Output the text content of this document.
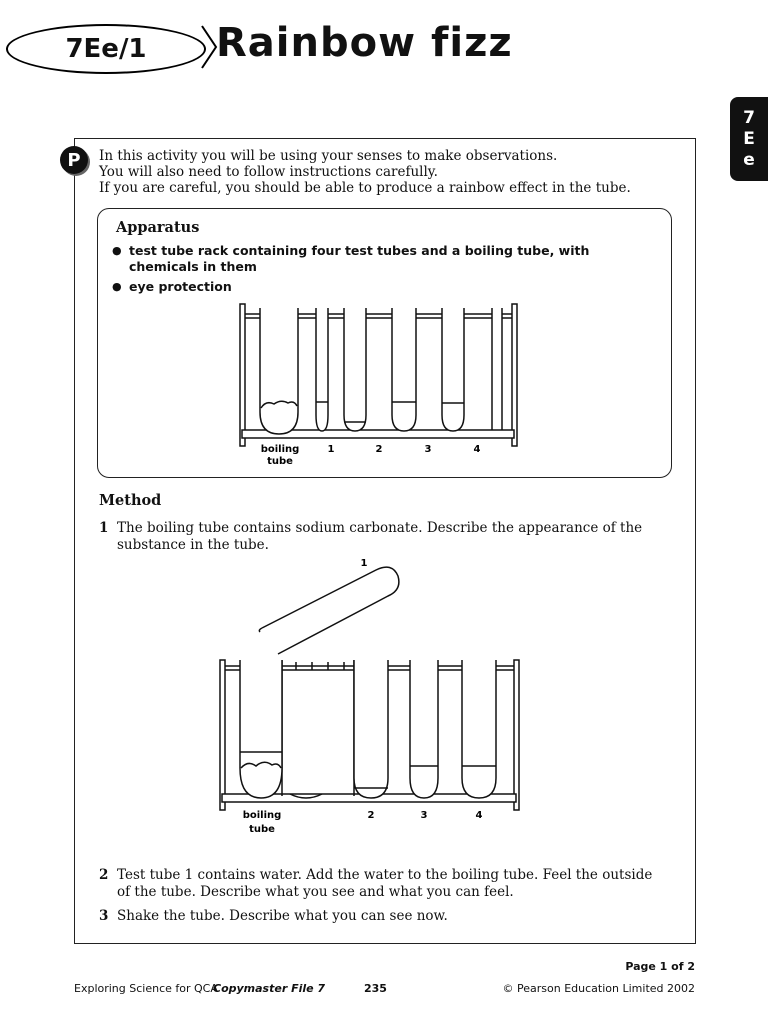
7Ee/1	Rainbow fizz
7
E
e
P	In this activity you will be using your senses to make observations.
You will also need to follow instructions carefully.
If you are careful, you should be able to produce a rainbow effect in the tube.
Apparatus
● test tube rack containing four test tubes and a boiling tube, with chemicals in them
● eye protection
boiling
tube
1	2	3	4
Method
1 The boiling tube contains sodium carbonate. Describe the appearance of the
substance in the tube.
1
boiling
tube
2	3	4
2 Test tube 1 contains water. Add the water to the boiling tube. Feel the outside
of the tube. Describe what you see and what you can feel.
3 Shake the tube. Describe what you can see now.
Page 1 of 2
Exploring Science for QCA
Copymaster File 7	235	© Pearson Education Limited 2002
